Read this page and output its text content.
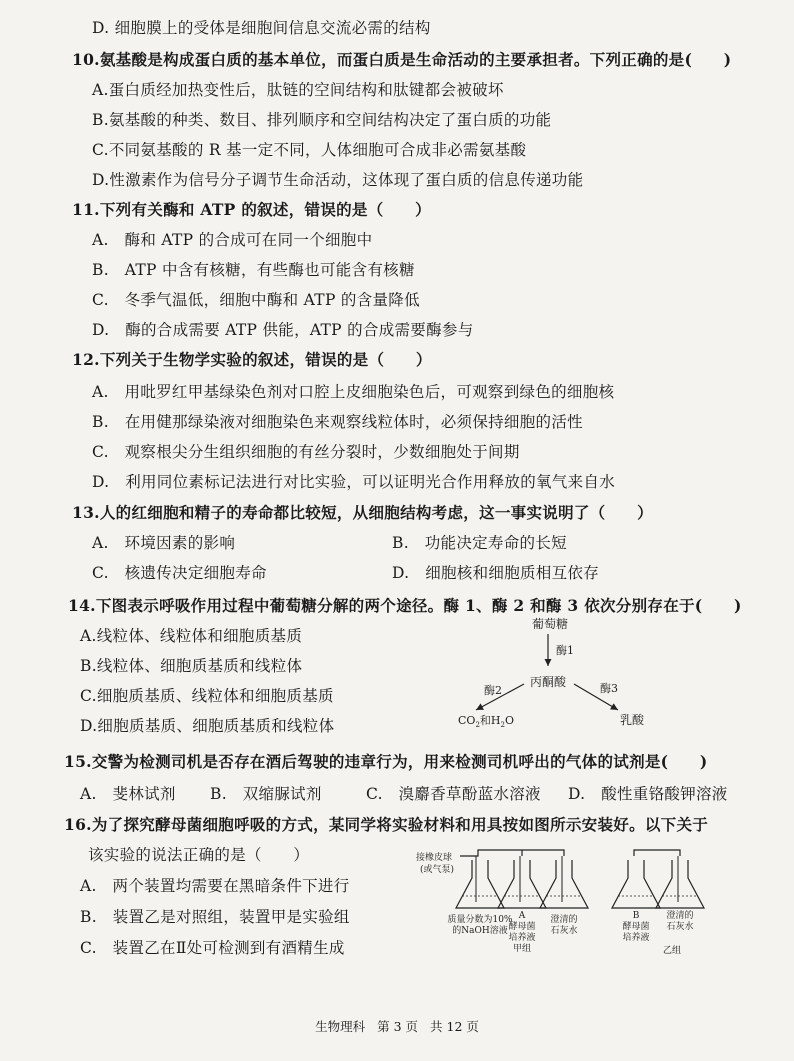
D. 细胞膜上的受体是细胞间信息交流必需的结构
10.氨基酸是构成蛋白质的基本单位，而蛋白质是生命活动的主要承担者。下列正确的是(　　)
A.蛋白质经加热变性后，肽链的空间结构和肽键都会被破坏
B.氨基酸的种类、数目、排列顺序和空间结构决定了蛋白质的功能
C.不同氨基酸的 R 基一定不同，人体细胞可合成非必需氨基酸
D.性激素作为信号分子调节生命活动，这体现了蛋白质的信息传递功能
11.下列有关酶和 ATP 的叙述，错误的是（　　）
A.　酶和 ATP 的合成可在同一个细胞中
B.　ATP 中含有核糖，有些酶也可能含有核糖
C.　冬季气温低，细胞中酶和 ATP 的含量降低
D.　酶的合成需要 ATP 供能，ATP 的合成需要酶参与
12.下列关于生物学实验的叙述，错误的是（　　）
A.　用吡罗红甲基绿染色剂对口腔上皮细胞染色后，可观察到绿色的细胞核
B.　在用健那绿染液对细胞染色来观察线粒体时，必须保持细胞的活性
C.　观察根尖分生组织细胞的有丝分裂时，少数细胞处于间期
D.　利用同位素标记法进行对比实验，可以证明光合作用释放的氧气来自水
13.人的红细胞和精子的寿命都比较短，从细胞结构考虑，这一事实说明了（　　）
A.　环境因素的影响	B.　功能决定寿命的长短
C.　核遗传决定细胞寿命	D.　细胞核和细胞质相互依存
14.下图表示呼吸作用过程中葡萄糖分解的两个途径。酶 1、酶 2 和酶 3 依次分别存在于(　　)
A.线粒体、线粒体和细胞质基质
B.线粒体、细胞质基质和线粒体
C.细胞质基质、线粒体和细胞质基质
D.细胞质基质、细胞质基质和线粒体
葡萄糖
酶1
丙酮酸
酶2	酶3
$CO_2$和$H_2O$	乳酸
15.交警为检测司机是否存在酒后驾驶的违章行为，用来检测司机呼出的气体的试剂是(　　)
A.　斐林试剂 B.　双缩脲试剂	C.　溴麝香草酚蓝水溶液 D.　酸性重铬酸钾溶液
16.为了探究酵母菌细胞呼吸的方式，某同学将实验材料和用具按如图所示安装好。以下关于
该实验的说法正确的是（　　）
A.　两个装置均需要在黑暗条件下进行
B.　装置乙是对照组，装置甲是实验组
C.　装置乙在Ⅱ处可检测到有酒精生成
接橡皮球
(或气泵)
质量分数为10%
的NaOH溶液
A
酵母菌
培养液
甲组
澄清的
石灰水
B
酵母菌
培养液
澄清的
石灰水
乙组
生物理科 第 3 页 共 12 页
